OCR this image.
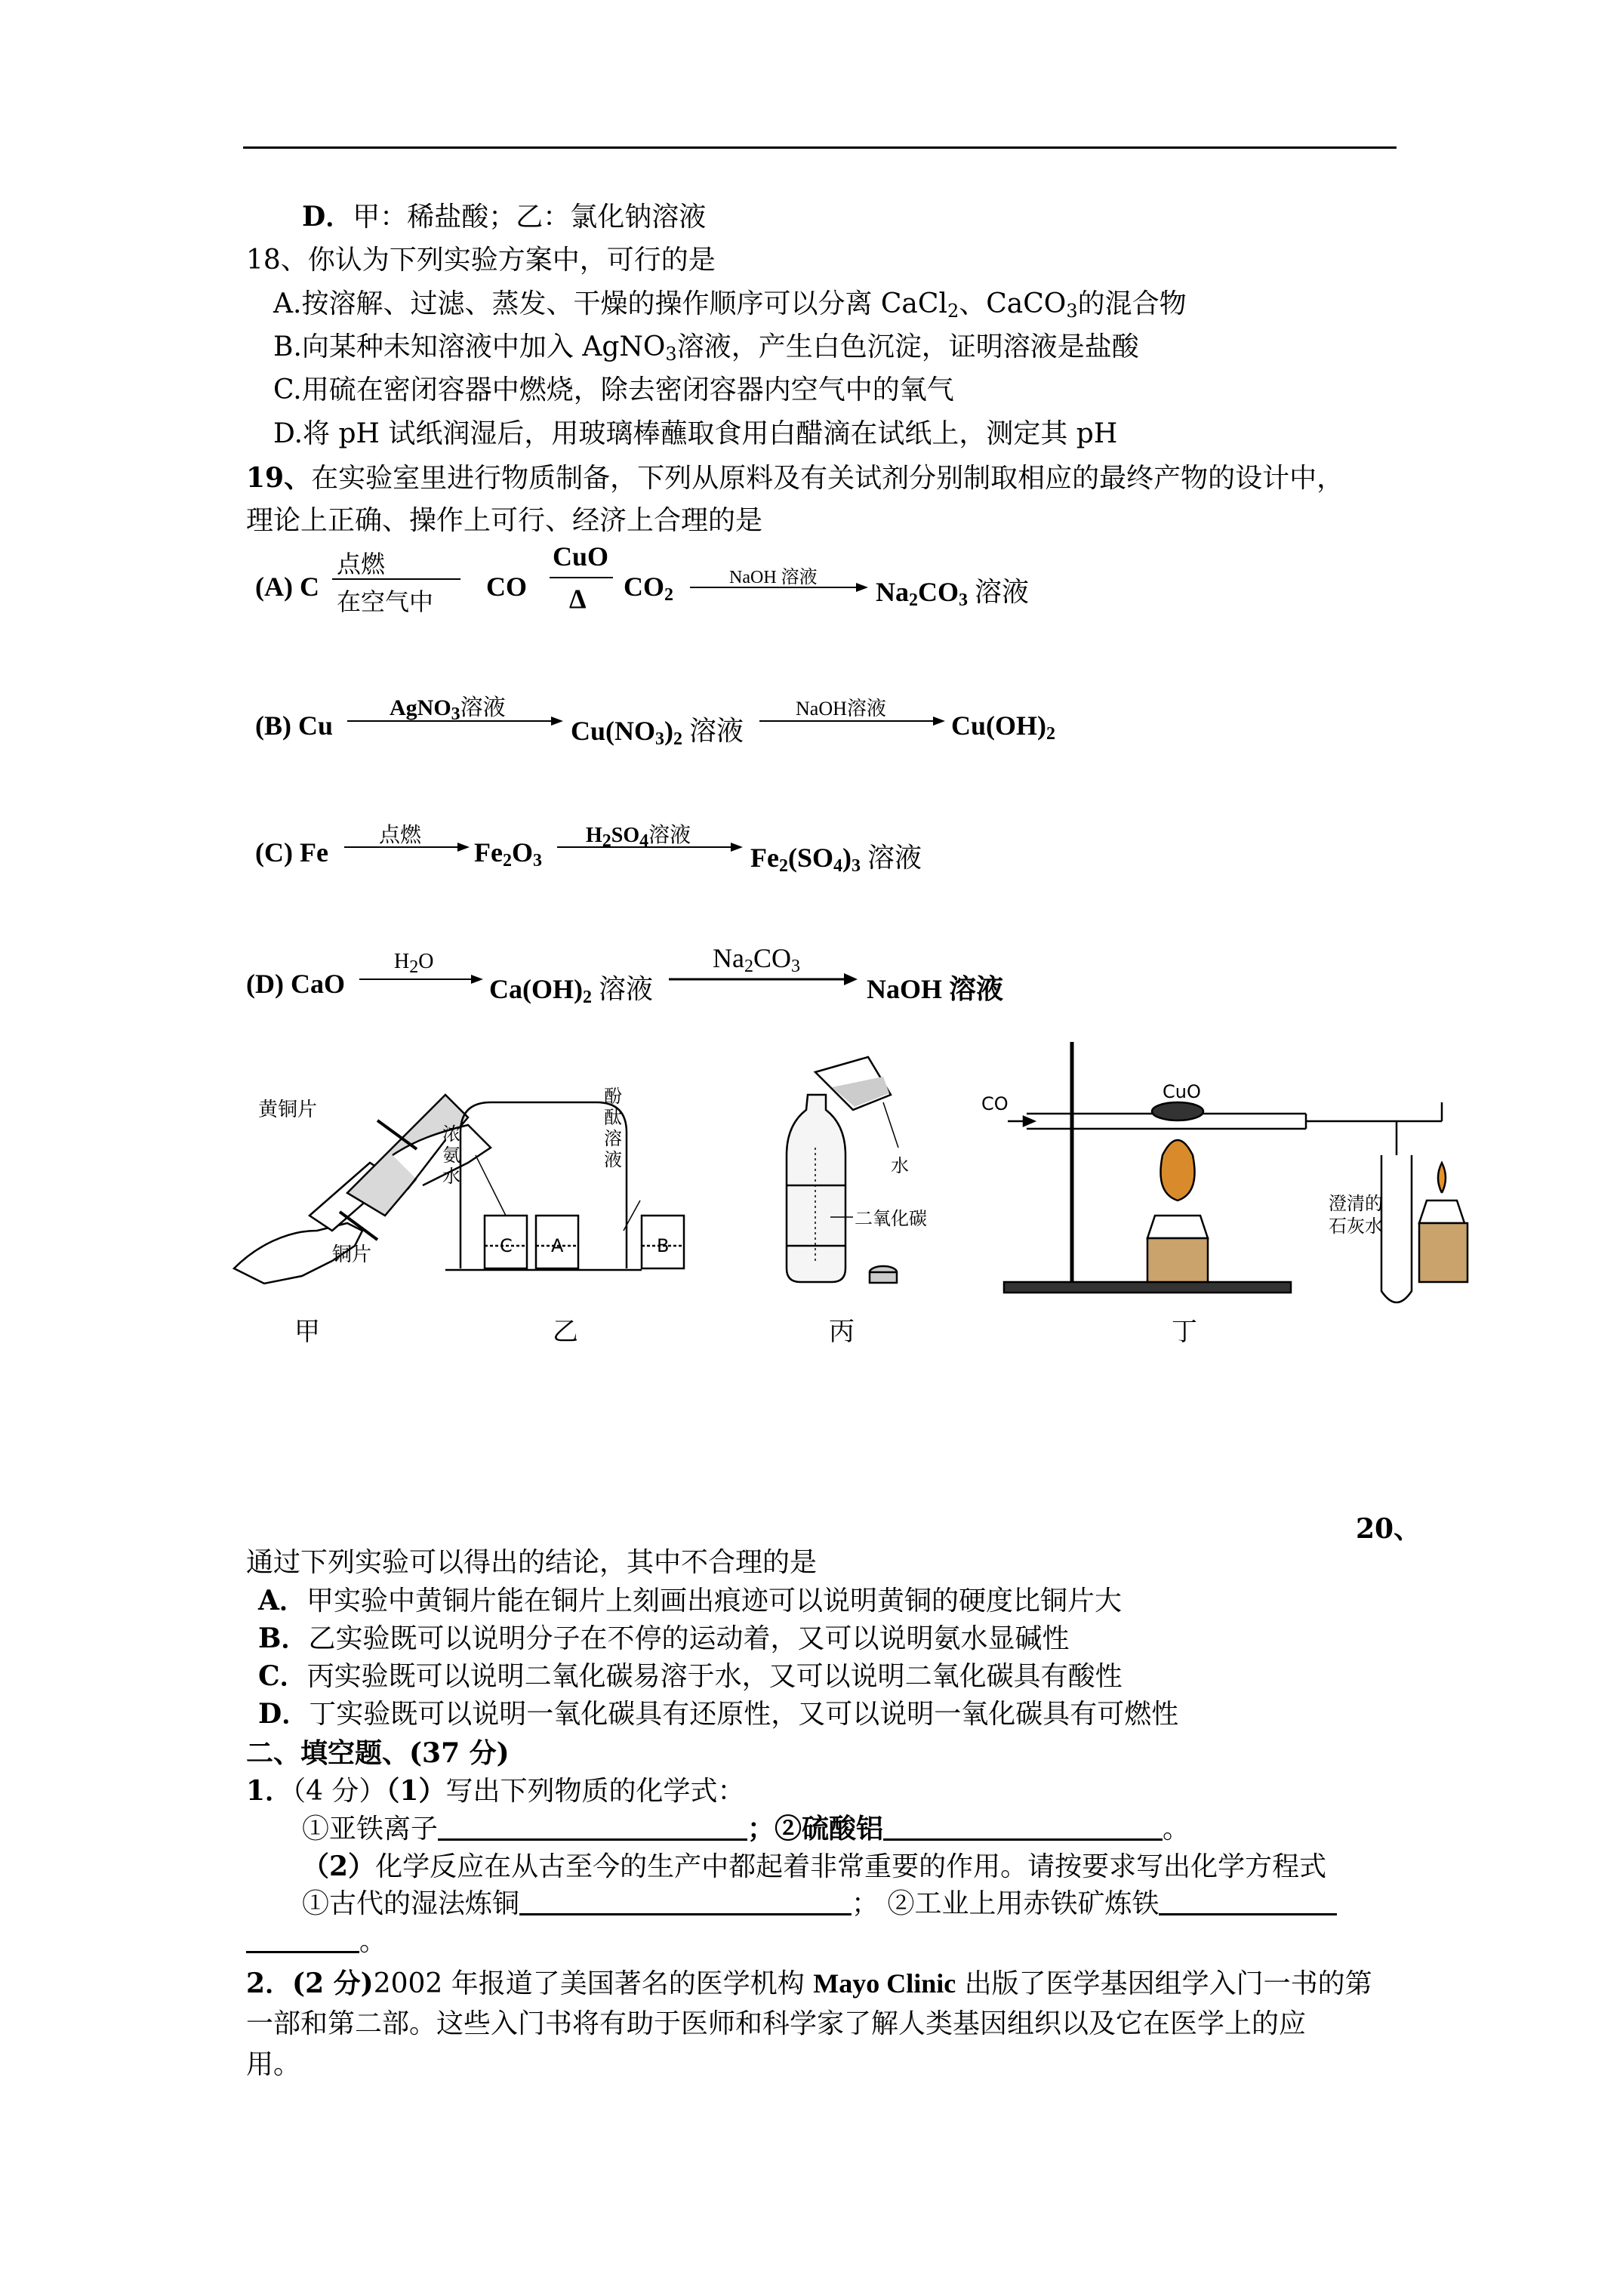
D．甲：稀盐酸；乙：氯化钠溶液
18、你认为下列实验方案中，可行的是
A.按溶解、过滤、蒸发、干燥的操作顺序可以分离 CaCl$_2$、CaCO$_3$的混合物
B.向某种未知溶液中加入 AgNO$_3$溶液，产生白色沉淀，证明溶液是盐酸
C.用硫在密闭容器中燃烧，除去密闭容器内空气中的氧气
D.将 pH 试纸润湿后，用玻璃棒蘸取食用白醋滴在试纸上，测定其 pH
19、在实验室里进行物质制备，下列从原料及有关试剂分别制取相应的最终产物的设计中，
理论上正确、操作上可行、经济上合理的是
(A) C
点燃
在空气中 CO
CuO
Δ $CO_2$
NaOH 溶液 $Na_2CO_3$ 溶液
(B) Cu
AgNO$_3$溶液
$Cu(NO_3)_2$ 溶液
NaOH溶液
$Cu(OH)_2$
(C) Fe
点燃
$Fe_2O_3$
H2SO4溶液
$Fe_2(SO_4)_3$ 溶液
(D) CaO
H2O
$Ca(OH)_2$ 溶液
$Na_2CO_3$
NaOH 溶液
黄铜片
铜片
浓
氨
水
酚
酞
溶
液
C A	B
水
二氧化碳
CO
CuO
澄清的
石灰水
甲	乙	丙	丁
20、
通过下列实验可以得出的结论，其中不合理的是
A．甲实验中黄铜片能在铜片上刻画出痕迹可以说明黄铜的硬度比铜片大
B．乙实验既可以说明分子在不停的运动着，又可以说明氨水显碱性
C．丙实验既可以说明二氧化碳易溶于水，又可以说明二氧化碳具有酸性
D．丁实验既可以说明一氧化碳具有还原性，又可以说明一氧化碳具有可燃性
二、填空题、(37 分)
1．（4 分）（1）写出下列物质的化学式：
①亚铁离子	；②硫酸铝	。
（2）化学反应在从古至今的生产中都起着非常重要的作用。请按要求写出化学方程式
①古代的湿法炼铜	； ②工业上用赤铁矿炼铁
。
2．(2 分)2002 年报道了美国著名的医学机构 Mayo Clinic 出版了医学基因组学入门一书的第
一部和第二部。这些入门书将有助于医师和科学家了解人类基因组织以及它在医学上的应
用。
